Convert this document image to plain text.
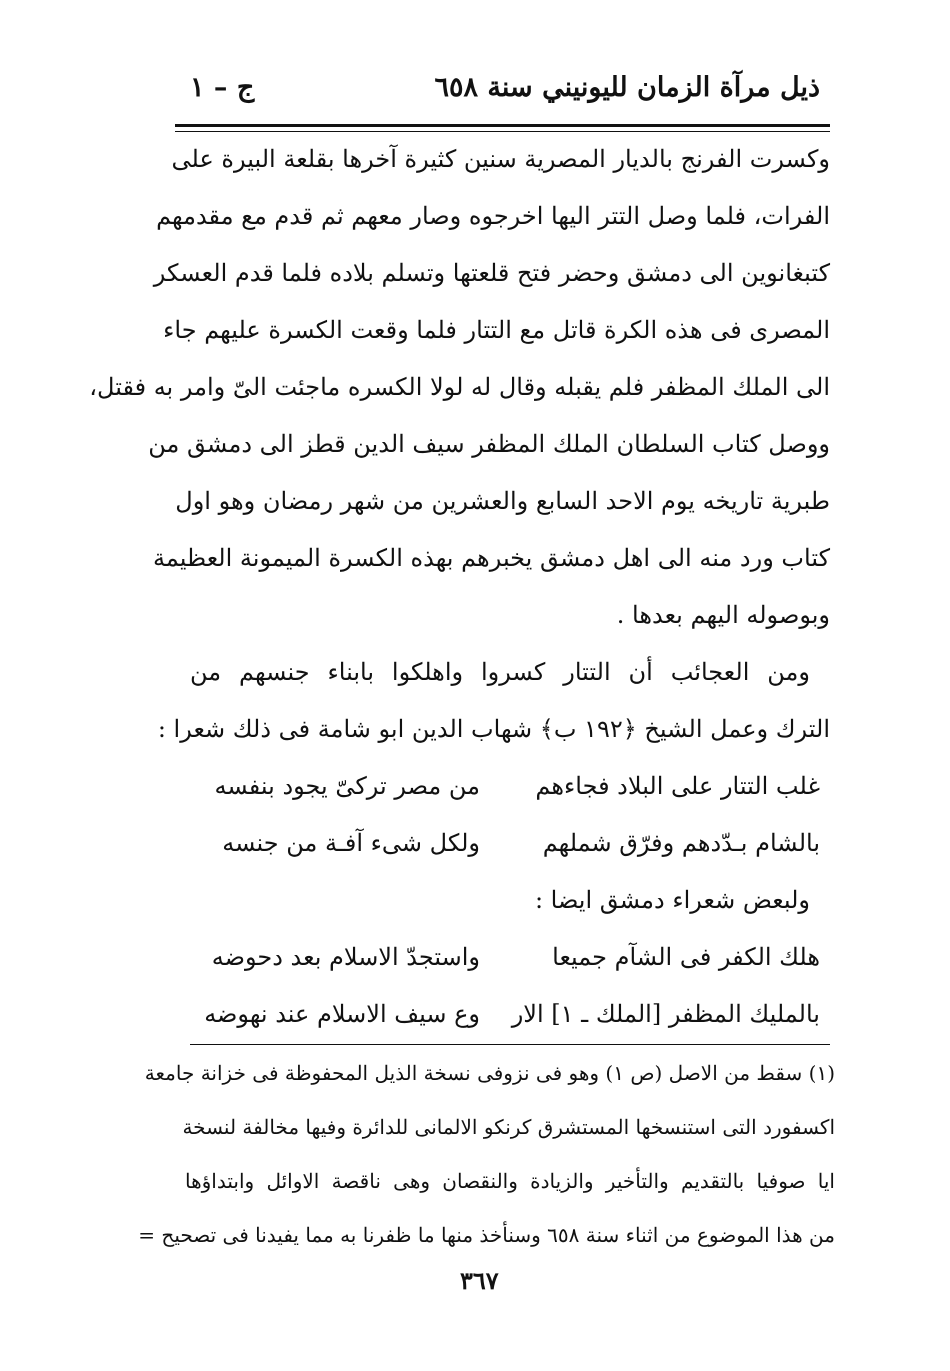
ذيل مرآة الزمان لليونيني سنة ٦٥٨
ج – ١
وكسرت الفرنج بالديار المصرية سنين كثيرة آخرها بقلعة البيرة على
الفرات، فلما وصل التتر اليها اخرجوه وصار معهم ثم قدم مع مقدمهم
كتبغانوين الى دمشق وحضر فتح قلعتها وتسلم بلاده فلما قدم العسكر
المصرى فى هذه الكرة قاتل مع التتار فلما وقعت الكسرة عليهم جاء
الى الملك المظفر فلم يقبله وقال له لولا الكسره ماجئت الىّ وامر به فقتل،
ووصل كتاب السلطان الملك المظفر سيف الدين قطز الى دمشق من
طبرية تاريخه يوم الاحد السابع والعشرين من شهر رمضان وهو اول
كتاب ورد منه الى اهل دمشق يخبرهم بهذه الكسرة الميمونة العظيمة
وبوصوله اليهم بعدها .
ومن العجائب أن التتار كسروا واهلكوا بابناء جنسهم من
الترك وعمل الشيخ ﴿١٩٢ ب﴾ شهاب الدين ابو شامة فى ذلك شعرا :
غلب التتار على البلاد فجاءهم
من مصر تركىّ يجود بنفسه
بالشام بـدّدهم وفرّق شملهم
ولكل شىء آفـة من جنسه
ولبعض شعراء دمشق ايضا :
هلك الكفر فى الشآم جميعا
واستجدّ الاسلام بعد دحوضه
بالمليك المظفر [الملك ـ ١] الار
وع سيف الاسلام عند نهوضه
(١) سقط من الاصل (ص ١) وهو فى نزوفى نسخة الذيل المحفوظة فى خزانة جامعة
اكسفورد التى استنسخها المستشرق كرنكو الالمانى للدائرة وفيها مخالفة لنسخة
ايا صوفيا بالتقديم والتأخير والزيادة والنقصان وهى ناقصة الاوائل وابتداؤها
من هذا الموضوع من اثناء سنة ٦٥٨ وسنأخذ منها ما ظفرنا به مما يفيدنا فى تصحيح =
٣٦٧
